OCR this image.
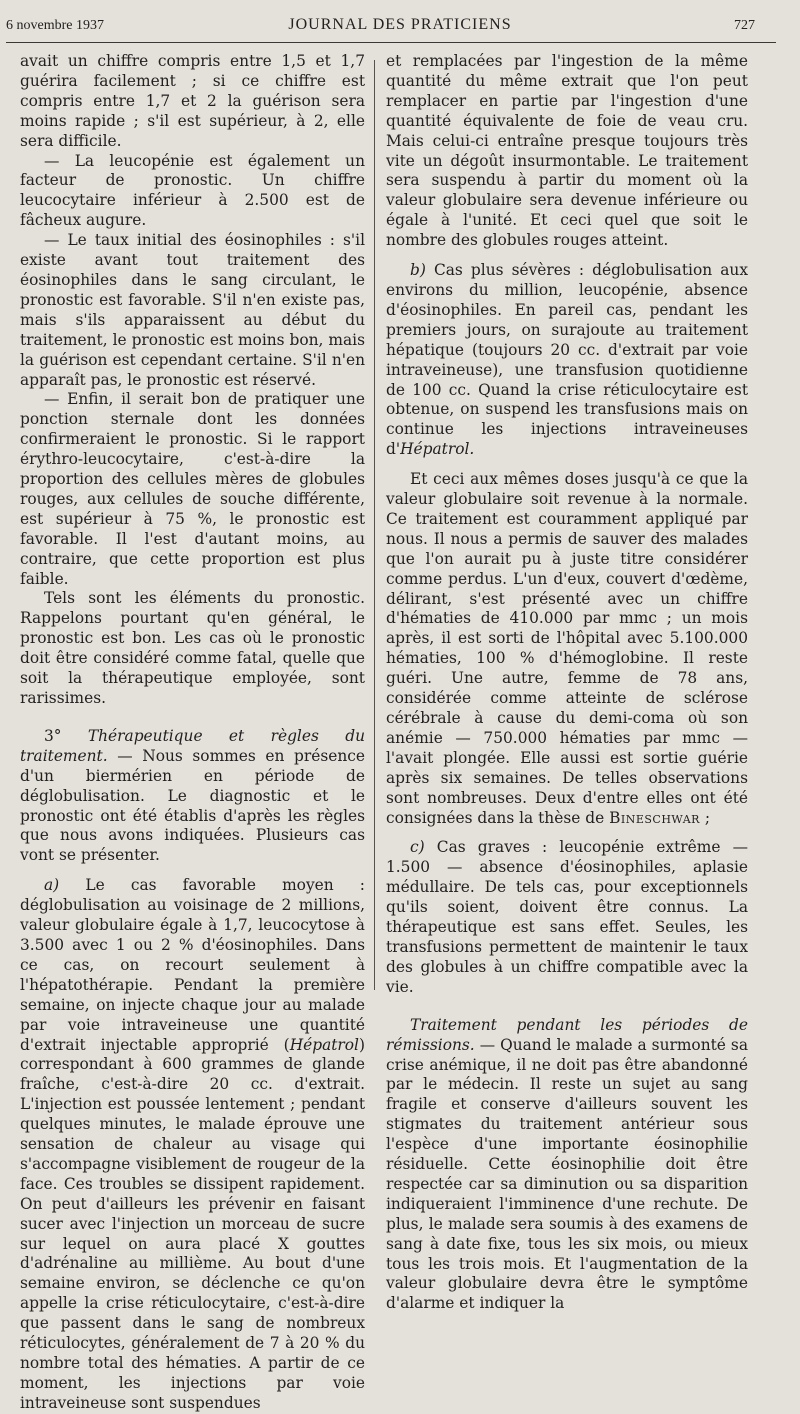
6 novembre 1937	JOURNAL DES PRATICIENS	727

avait un chiffre compris entre 1,5 et 1,7 guérira facilement ; si ce chiffre est compris entre 1,7 et 2 la guérison sera moins rapide ; s'il est supérieur, à 2, elle sera difficile.

— La leucopénie est également un facteur de pronostic. Un chiffre leucocytaire inférieur à 2.500 est de fâcheux augure.

— Le taux initial des éosinophiles : s'il existe avant tout traitement des éosinophiles dans le sang circulant, le pronostic est favorable. S'il n'en existe pas, mais s'ils apparaissent au début du traitement, le pronostic est moins bon, mais la guérison est cependant certaine. S'il n'en apparaît pas, le pronostic est réservé.

— Enfin, il serait bon de pratiquer une ponction sternale dont les données confirmeraient le pronostic. Si le rapport érythro-leucocytaire, c'est-à-dire la proportion des cellules mères de globules rouges, aux cellules de souche différente, est supérieur à 75 %, le pronostic est favorable. Il l'est d'autant moins, au contraire, que cette proportion est plus faible.

Tels sont les éléments du pronostic. Rappelons pourtant qu'en général, le pronostic est bon. Les cas où le pronostic doit être considéré comme fatal, quelle que soit la thérapeutique employée, sont rarissimes.

3° Thérapeutique et règles du traitement. — Nous sommes en présence d'un biermérien en période de déglobulisation. Le diagnostic et le pronostic ont été établis d'après les règles que nous avons indiquées. Plusieurs cas vont se présenter.

a) Le cas favorable moyen : déglobulisation au voisinage de 2 millions, valeur globulaire égale à 1,7, leucocytose à 3.500 avec 1 ou 2 % d'éosinophiles. Dans ce cas, on recourt seulement à l'hépatothérapie. Pendant la première semaine, on injecte chaque jour au malade par voie intraveineuse une quantité d'extrait injectable approprié (Hépatrol) correspondant à 600 grammes de glande fraîche, c'est-à-dire 20 cc. d'extrait. L'injection est poussée lentement ; pendant quelques minutes, le malade éprouve une sensation de chaleur au visage qui s'accompagne visiblement de rougeur de la face. Ces troubles se dissipent rapidement. On peut d'ailleurs les prévenir en faisant sucer avec l'injection un morceau de sucre sur lequel on aura placé X gouttes d'adrénaline au millième. Au bout d'une semaine environ, se déclenche ce qu'on appelle la crise réticulocytaire, c'est-à-dire que passent dans le sang de nombreux réticulocytes, généralement de 7 à 20 % du nombre total des hématies. A partir de ce moment, les injections par voie intraveineuse sont suspendues

et remplacées par l'ingestion de la même quantité du même extrait que l'on peut remplacer en partie par l'ingestion d'une quantité équivalente de foie de veau cru. Mais celui-ci entraîne presque toujours très vite un dégoût insurmontable. Le traitement sera suspendu à partir du moment où la valeur globulaire sera devenue inférieure ou égale à l'unité. Et ceci quel que soit le nombre des globules rouges atteint.

b) Cas plus sévères : déglobulisation aux environs du million, leucopénie, absence d'éosinophiles. En pareil cas, pendant les premiers jours, on surajoute au traitement hépatique (toujours 20 cc. d'extrait par voie intraveineuse), une transfusion quotidienne de 100 cc. Quand la crise réticulocytaire est obtenue, on suspend les transfusions mais on continue les injections intraveineuses d'Hépatrol.

Et ceci aux mêmes doses jusqu'à ce que la valeur globulaire soit revenue à la normale. Ce traitement est couramment appliqué par nous. Il nous a permis de sauver des malades que l'on aurait pu à juste titre considérer comme perdus. L'un d'eux, couvert d'œdème, délirant, s'est présenté avec un chiffre d'hématies de 410.000 par mmc ; un mois après, il est sorti de l'hôpital avec 5.100.000 hématies, 100 % d'hémoglobine. Il reste guéri. Une autre, femme de 78 ans, considérée comme atteinte de sclérose cérébrale à cause du demi-coma où son anémie — 750.000 hématies par mmc — l'avait plongée. Elle aussi est sortie guérie après six semaines. De telles observations sont nombreuses. Deux d'entre elles ont été consignées dans la thèse de Bineschwar ;

c) Cas graves : leucopénie extrême — 1.500 — absence d'éosinophiles, aplasie médullaire. De tels cas, pour exceptionnels qu'ils soient, doivent être connus. La thérapeutique est sans effet. Seules, les transfusions permettent de maintenir le taux des globules à un chiffre compatible avec la vie.

Traitement pendant les périodes de rémissions. — Quand le malade a surmonté sa crise anémique, il ne doit pas être abandonné par le médecin. Il reste un sujet au sang fragile et conserve d'ailleurs souvent les stigmates du traitement antérieur sous l'espèce d'une importante éosinophilie résiduelle. Cette éosinophilie doit être respectée car sa diminution ou sa disparition indiqueraient l'imminence d'une rechute. De plus, le malade sera soumis à des examens de sang à date fixe, tous les six mois, ou mieux tous les trois mois. Et l'augmentation de la valeur globulaire devra être le symptôme d'alarme et indiquer la
